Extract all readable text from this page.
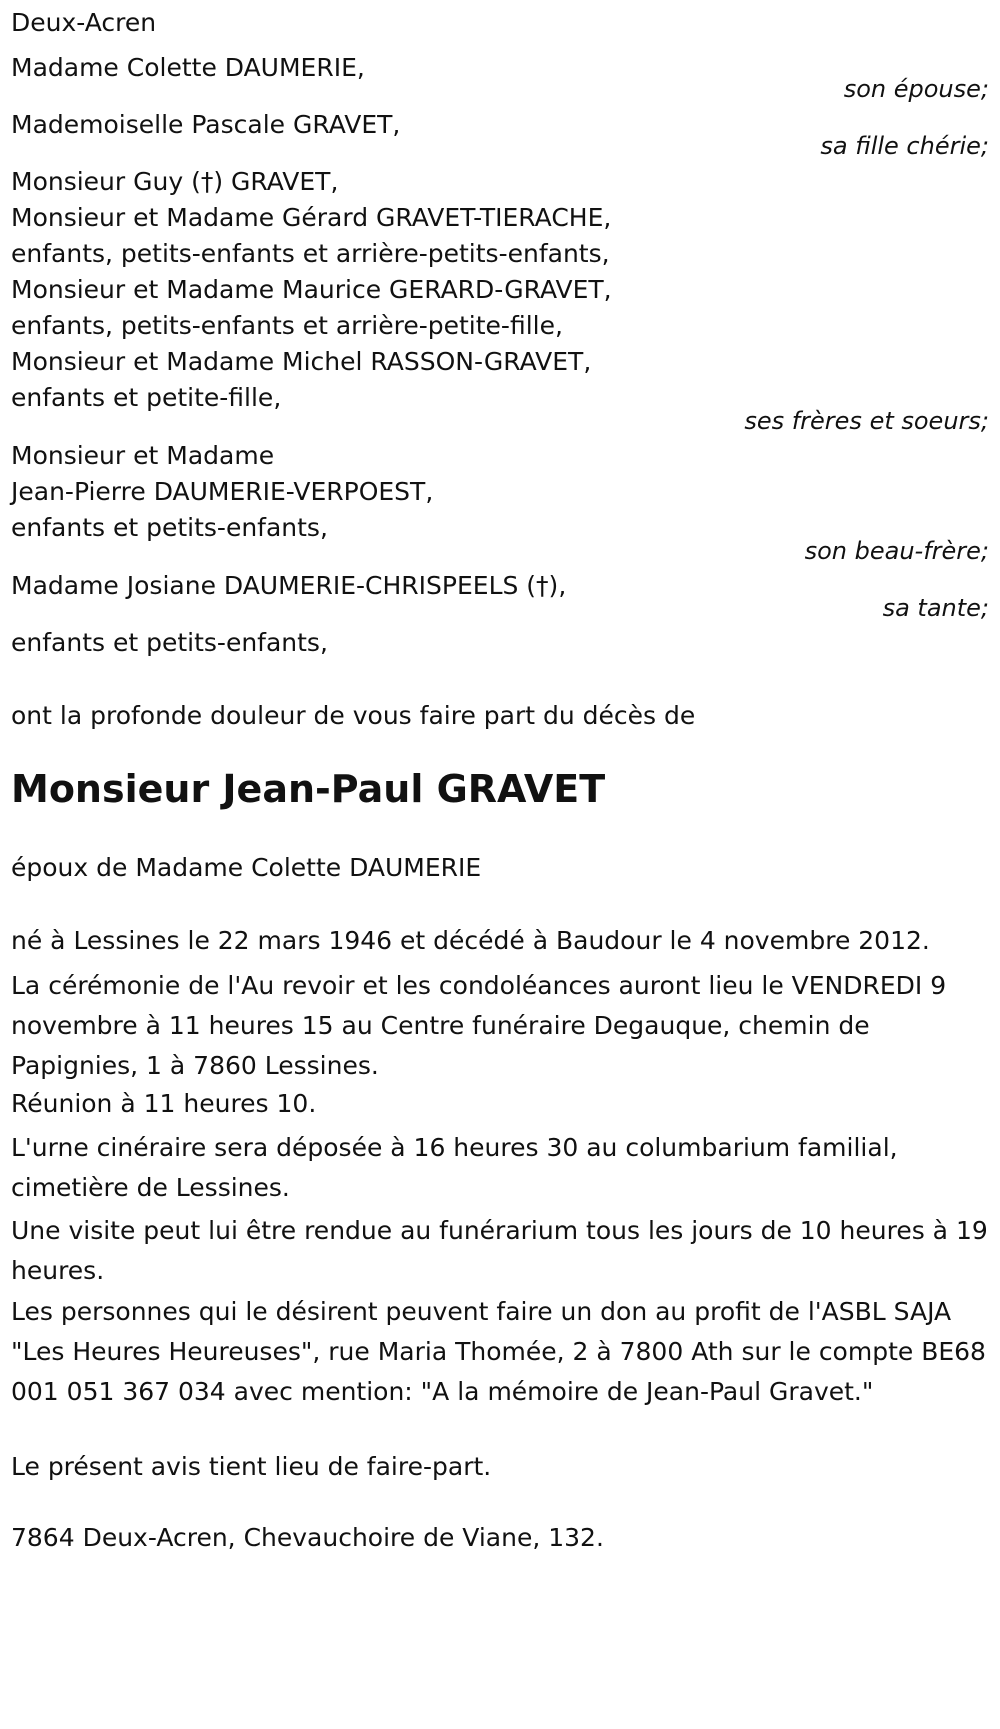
Deux-Acren
Madame Colette DAUMERIE,
son épouse;
Mademoiselle Pascale GRAVET,
sa fille chérie;
Monsieur Guy (†) GRAVET,
Monsieur et Madame Gérard GRAVET-TIERACHE,
enfants, petits-enfants et arrière-petits-enfants,
Monsieur et Madame Maurice GERARD-GRAVET,
enfants, petits-enfants et arrière-petite-fille,
Monsieur et Madame Michel RASSON-GRAVET,
enfants et petite-fille,
ses frères et soeurs;
Monsieur et Madame
Jean-Pierre DAUMERIE-VERPOEST,
enfants et petits-enfants,
son beau-frère;
Madame Josiane DAUMERIE-CHRISPEELS (†),
sa tante;
enfants et petits-enfants,
ont la profonde douleur de vous faire part du décès de
Monsieur Jean-Paul GRAVET
époux de Madame Colette DAUMERIE
né à Lessines le 22 mars 1946 et décédé à Baudour le 4 novembre 2012.
La cérémonie de l'Au revoir et les condoléances auront lieu le VENDREDI 9 novembre à 11 heures 15 au Centre funéraire Degauque, chemin de Papignies, 1 à 7860 Lessines.
Réunion à 11 heures 10.
L'urne cinéraire sera déposée à 16 heures 30 au columbarium familial, cimetière de Lessines.
Une visite peut lui être rendue au funérarium tous les jours de 10 heures à 19 heures.
Les personnes qui le désirent peuvent faire un don au profit de l'ASBL SAJA "Les Heures Heureuses", rue Maria Thomée, 2 à 7800 Ath sur le compte BE68 001 051 367 034 avec mention: "A la mémoire de Jean-Paul Gravet."
Le présent avis tient lieu de faire-part.
7864 Deux-Acren, Chevauchoire de Viane, 132.
